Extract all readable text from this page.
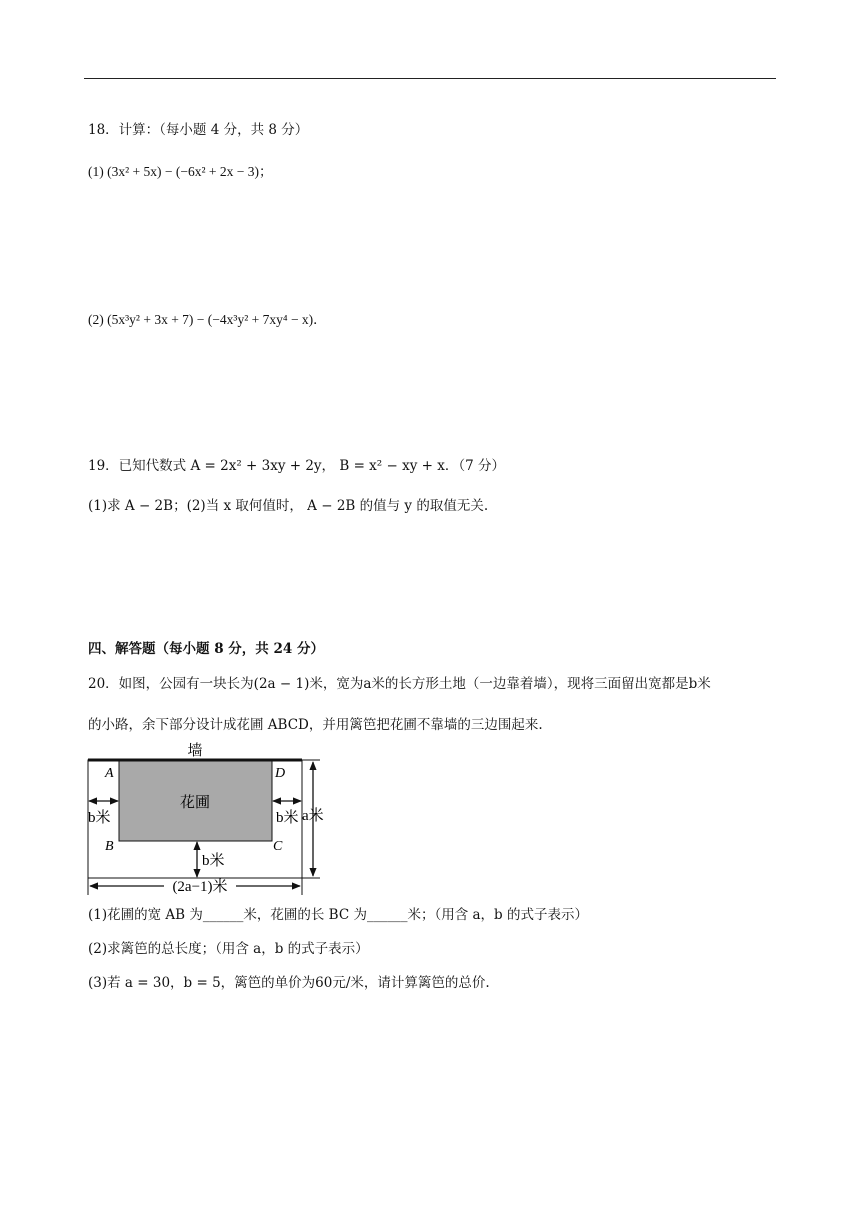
18．计算：（每小题 4 分，共 8 分）
(1) (3x² + 5x) − (−6x² + 2x − 3)；
(2) (5x³y² + 3x + 7) − (−4x³y² + 7xy⁴ − x)．
19．已知代数式 A = 2x² + 3xy + 2y， B = x² − xy + x．（7 分）
(1)求 A − 2B；(2)当 x 取何值时， A − 2B 的值与 y 的取值无关.
四、解答题（每小题 8 分，共 24 分）
20．如图，公园有一块长为(2a − 1)米，宽为a米的长方形土地（一边靠着墙），现将三面留出宽都是b米
的小路，余下部分设计成花圃 ABCD，并用篱笆把花圃不靠墙的三边围起来.
墙
花圃
A	D
B	C
b米	b米
b米
a米
(2a−1)米
(1)花圃的宽 AB 为______米，花圃的长 BC 为______米；（用含 a，b 的式子表示）
(2)求篱笆的总长度；（用含 a，b 的式子表示）
(3)若 a = 30，b = 5，篱笆的单价为60元/米，请计算篱笆的总价.
